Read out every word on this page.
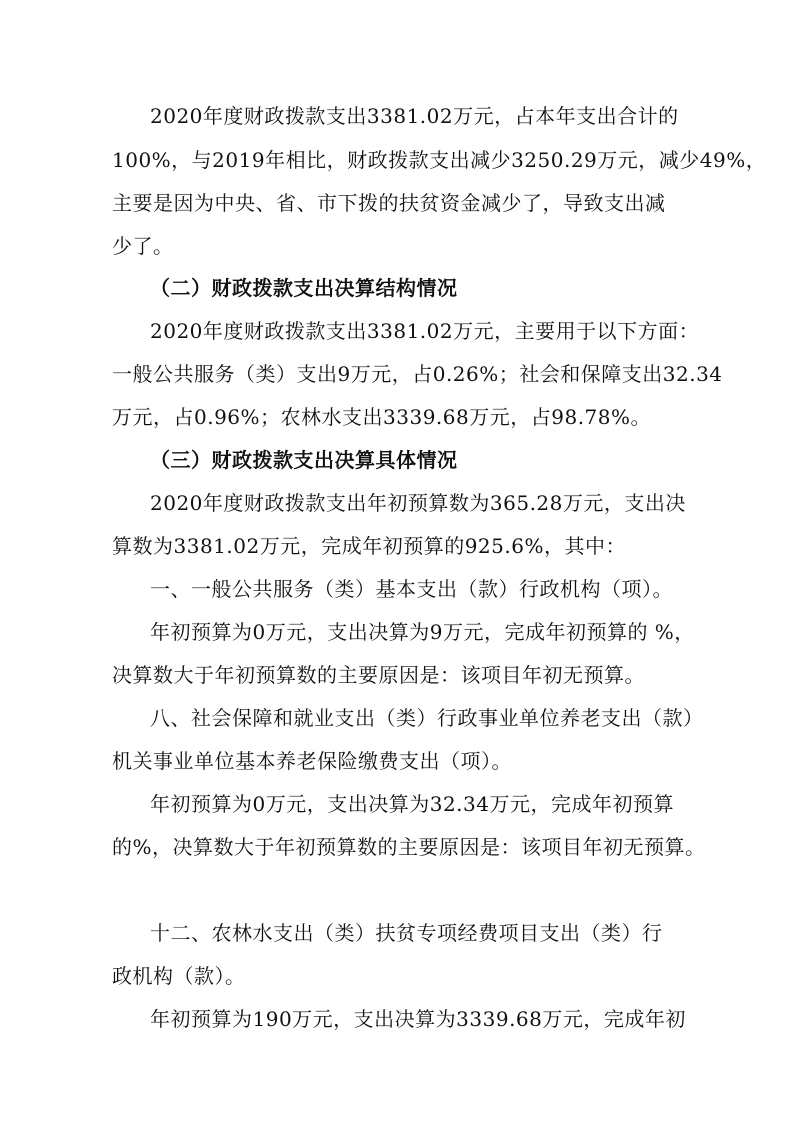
2020年度财政拨款支出3381.02万元，占本年支出合计的
100%，与2019年相比，财政拨款支出减少3250.29万元，减少49%，
主要是因为中央、省、市下拨的扶贫资金减少了，导致支出减
少了。
（二）财政拨款支出决算结构情况
2020年度财政拨款支出3381.02万元，主要用于以下方面：
一般公共服务（类）支出9万元，占0.26%；社会和保障支出32.34
万元，占0.96%；农林水支出3339.68万元，占98.78%。
（三）财政拨款支出决算具体情况
2020年度财政拨款支出年初预算数为365.28万元，支出决
算数为3381.02万元，完成年初预算的925.6%，其中：
一、一般公共服务（类）基本支出（款）行政机构（项）。
年初预算为0万元，支出决算为9万元，完成年初预算的 %，
决算数大于年初预算数的主要原因是：该项目年初无预算。
八、社会保障和就业支出（类）行政事业单位养老支出（款）
机关事业单位基本养老保险缴费支出（项）。
年初预算为0万元，支出决算为32.34万元，完成年初预算
的%，决算数大于年初预算数的主要原因是：该项目年初无预算。
十二、农林水支出（类）扶贫专项经费项目支出（类）行
政机构（款）。
年初预算为190万元，支出决算为3339.68万元，完成年初
